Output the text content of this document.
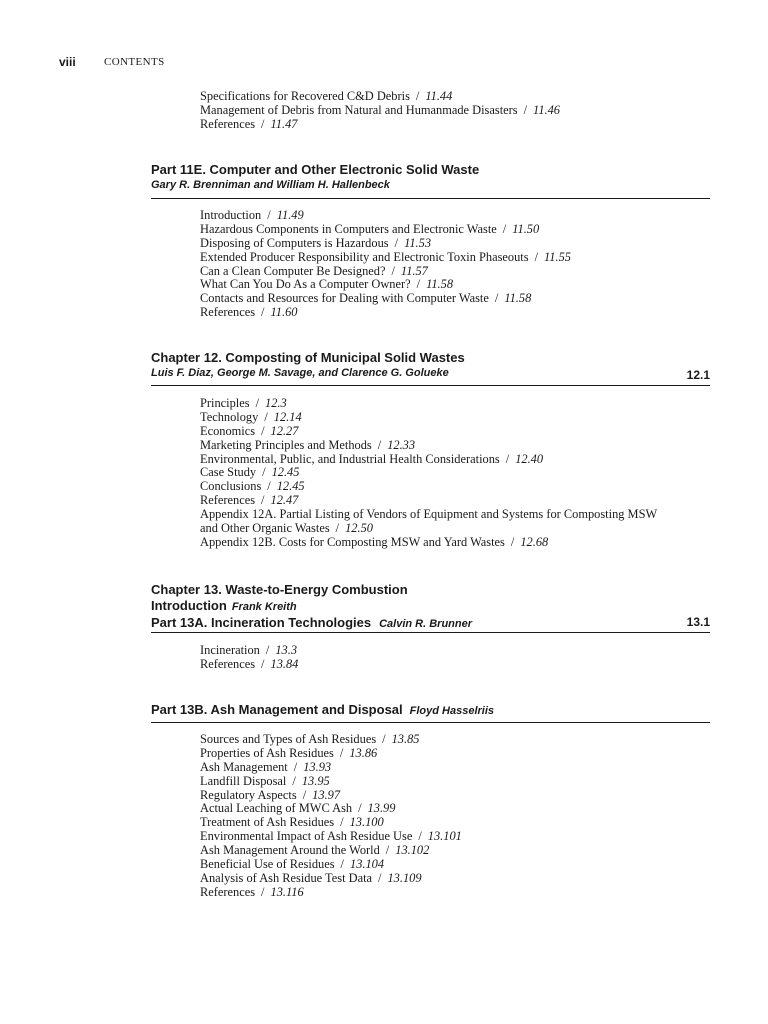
viii	CONTENTS
Specifications for Recovered C&D Debris / 11.44
Management of Debris from Natural and Humanmade Disasters / 11.46
References / 11.47
Part 11E. Computer and Other Electronic Solid Waste
Gary R. Brenniman and William H. Hallenbeck
Introduction / 11.49
Hazardous Components in Computers and Electronic Waste / 11.50
Disposing of Computers is Hazardous / 11.53
Extended Producer Responsibility and Electronic Toxin Phaseouts / 11.55
Can a Clean Computer Be Designed? / 11.57
What Can You Do As a Computer Owner? / 11.58
Contacts and Resources for Dealing with Computer Waste / 11.58
References / 11.60
Chapter 12. Composting of Municipal Solid Wastes
Luis F. Diaz, George M. Savage, and Clarence G. Golueke	12.1
Principles / 12.3
Technology / 12.14
Economics / 12.27
Marketing Principles and Methods / 12.33
Environmental, Public, and Industrial Health Considerations / 12.40
Case Study / 12.45
Conclusions / 12.45
References / 12.47
Appendix 12A. Partial Listing of Vendors of Equipment and Systems for Composting MSW
and Other Organic Wastes / 12.50
Appendix 12B. Costs for Composting MSW and Yard Wastes / 12.68
Chapter 13. Waste-to-Energy Combustion
Introduction Frank Kreith
Part 13A. Incineration Technologies Calvin R. Brunner	13.1
Incineration / 13.3
References / 13.84
Part 13B. Ash Management and Disposal Floyd Hasselriis
Sources and Types of Ash Residues / 13.85
Properties of Ash Residues / 13.86
Ash Management / 13.93
Landfill Disposal / 13.95
Regulatory Aspects / 13.97
Actual Leaching of MWC Ash / 13.99
Treatment of Ash Residues / 13.100
Environmental Impact of Ash Residue Use / 13.101
Ash Management Around the World / 13.102
Beneficial Use of Residues / 13.104
Analysis of Ash Residue Test Data / 13.109
References / 13.116
